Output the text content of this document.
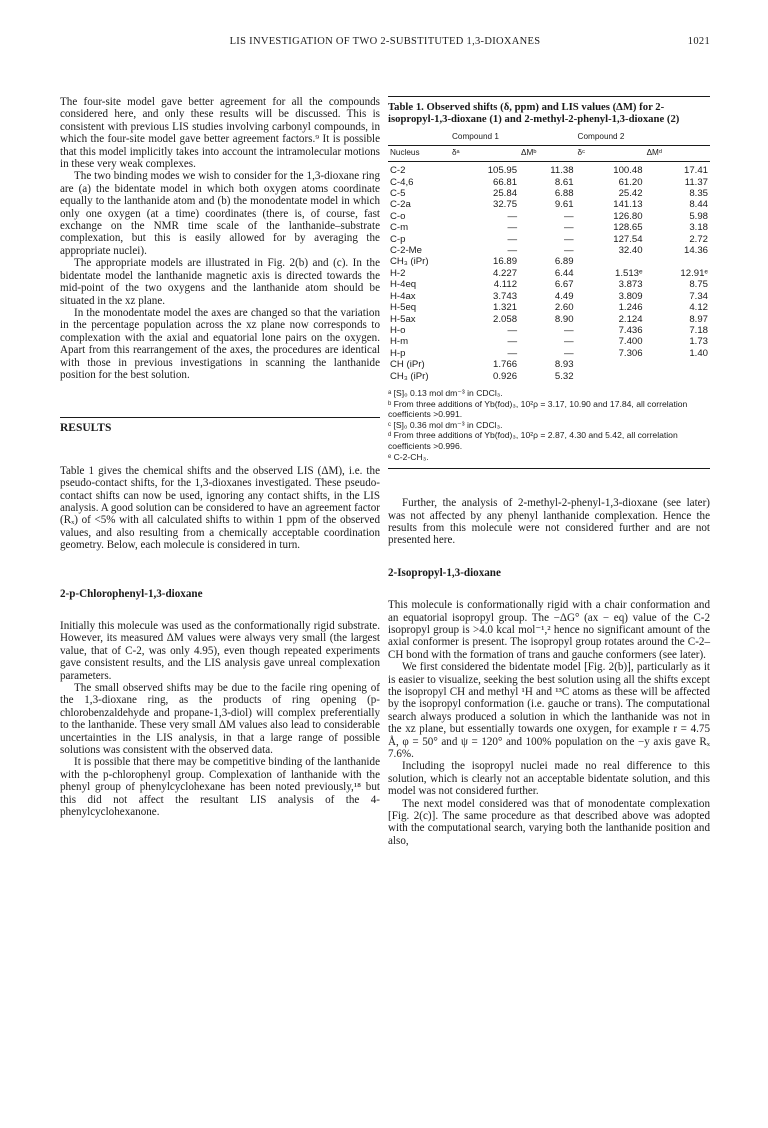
LIS INVESTIGATION OF TWO 2-SUBSTITUTED 1,3-DIOXANES	1021

The four-site model gave better agreement for all the compounds considered here, and only these results will be discussed. This is consistent with previous LIS studies involving carbonyl compounds, in which the four-site model gave better agreement factors.⁹ It is possible that this model implicitly takes into account the intramolecular motions in these very weak complexes.

The two binding modes we wish to consider for the 1,3-dioxane ring are (a) the bidentate model in which both oxygen atoms coordinate equally to the lanthanide atom and (b) the monodentate model in which only one oxygen (at a time) coordinates (there is, of course, fast exchange on the NMR time scale of the lanthanide–substrate complexation, but this is easily allowed for by averaging the appropriate nuclei).

The appropriate models are illustrated in Fig. 2(b) and (c). In the bidentate model the lanthanide magnetic axis is directed towards the mid-point of the two oxygens and the lanthanide atom should be situated in the xz plane.

In the monodentate model the axes are changed so that the variation in the percentage population across the xz plane now corresponds to complexation with the axial and equatorial lone pairs on the oxygen. Apart from this rearrangement of the axes, the procedures are identical with those in previous investigations in scanning the lanthanide position for the best solution.

RESULTS

Table 1 gives the chemical shifts and the observed LIS (ΔM), i.e. the pseudo-contact shifts, for the 1,3-dioxanes investigated. These pseudo-contact shifts can now be used, ignoring any contact shifts, in the LIS analysis. A good solution can be considered to have an agreement factor (Rₓ) of <5% with all calculated shifts to within 1 ppm of the observed values, and also resulting from a chemically acceptable coordination geometry. Below, each molecule is considered in turn.

2-p-Chlorophenyl-1,3-dioxane

Initially this molecule was used as the conformationally rigid substrate. However, its measured ΔM values were always very small (the largest value, that of C-2, was only 4.95), even though repeated experiments gave consistent results, and the LIS analysis gave unreal complexation parameters.

The small observed shifts may be due to the facile ring opening of the 1,3-dioxane ring, as the products of ring opening (p-chlorobenzaldehyde and propane-1,3-diol) will complex preferentially to the lanthanide. These very small ΔM values also lead to considerable uncertainties in the LIS analysis, in that a large range of possible solutions was consistent with the observed data.

It is possible that there may be competitive binding of the lanthanide with the p-chlorophenyl group. Complexation of lanthanide with the phenyl group of phenylcyclohexane has been noted previously,¹⁸ but this did not affect the resultant LIS analysis of the 4-phenylcyclohexanone.

Table 1. Observed shifts (δ, ppm) and LIS values (ΔM) for 2-isopropyl-1,3-dioxane (1) and 2-methyl-2-phenyl-1,3-dioxane (2)
	Compound 1		Compound 2	
Nucleus	δᵃ	ΔMᵇ	δᶜ	ΔMᵈ
C-2	105.95	11.38	100.48	17.41
C-4,6	66.81	8.61	61.20	11.37
C-5	25.84	6.88	25.42	8.35
C-2a	32.75	9.61	141.13	8.44
C-o	—	—	126.80	5.98
C-m	—	—	128.65	3.18
C-p	—	—	127.54	2.72
C-2-Me	—	—	32.40	14.36
CH₃ (iPr)	16.89	6.89		
H-2	4.227	6.44	1.513ᵉ	12.91ᵉ
H-4eq	4.112	6.67	3.873	8.75
H-4ax	3.743	4.49	3.809	7.34
H-5eq	1.321	2.60	1.246	4.12
H-5ax	2.058	8.90	2.124	8.97
H-o	—	—	7.436	7.18
H-m	—	—	7.400	1.73
H-p	—	—	7.306	1.40
CH (iPr)	1.766	8.93		
CH₃ (iPr)	0.926	5.32		
ᵃ [S]₀ 0.13 mol dm⁻³ in CDCl₃.
ᵇ From three additions of Yb(fod)₃, 10²ρ = 3.17, 10.90 and 17.84, all correlation coefficients >0.991.
ᶜ [S]₀ 0.36 mol dm⁻³ in CDCl₃.
ᵈ From three additions of Yb(fod)₃, 10²ρ = 2.87, 4.30 and 5.42, all correlation coefficients >0.996.
ᵉ C-2-CH₃.

Further, the analysis of 2-methyl-2-phenyl-1,3-dioxane (see later) was not affected by any phenyl lanthanide complexation. Hence the results from this molecule were not considered further and are not presented here.

2-Isopropyl-1,3-dioxane

This molecule is conformationally rigid with a chair conformation and an equatorial isopropyl group. The −ΔG° (ax − eq) value of the C-2 isopropyl group is >4.0 kcal mol⁻¹,² hence no significant amount of the axial conformer is present. The isopropyl group rotates around the C-2–CH bond with the formation of trans and gauche conformers (see later).

We first considered the bidentate model [Fig. 2(b)], particularly as it is easier to visualize, seeking the best solution using all the shifts except the isopropyl CH and methyl ¹H and ¹³C atoms as these will be affected by the isopropyl conformation (i.e. gauche or trans). The computational search always produced a solution in which the lanthanide was not in the xz plane, but essentially towards one oxygen, for example r = 4.75 Å, φ = 50° and ψ = 120° and 100% population on the −y axis gave Rₓ 7.6%.

Including the isopropyl nuclei made no real difference to this solution, which is clearly not an acceptable bidentate solution, and this model was not considered further.

The next model considered was that of monodentate complexation [Fig. 2(c)]. The same procedure as that described above was adopted with the computational search, varying both the lanthanide position and also,
